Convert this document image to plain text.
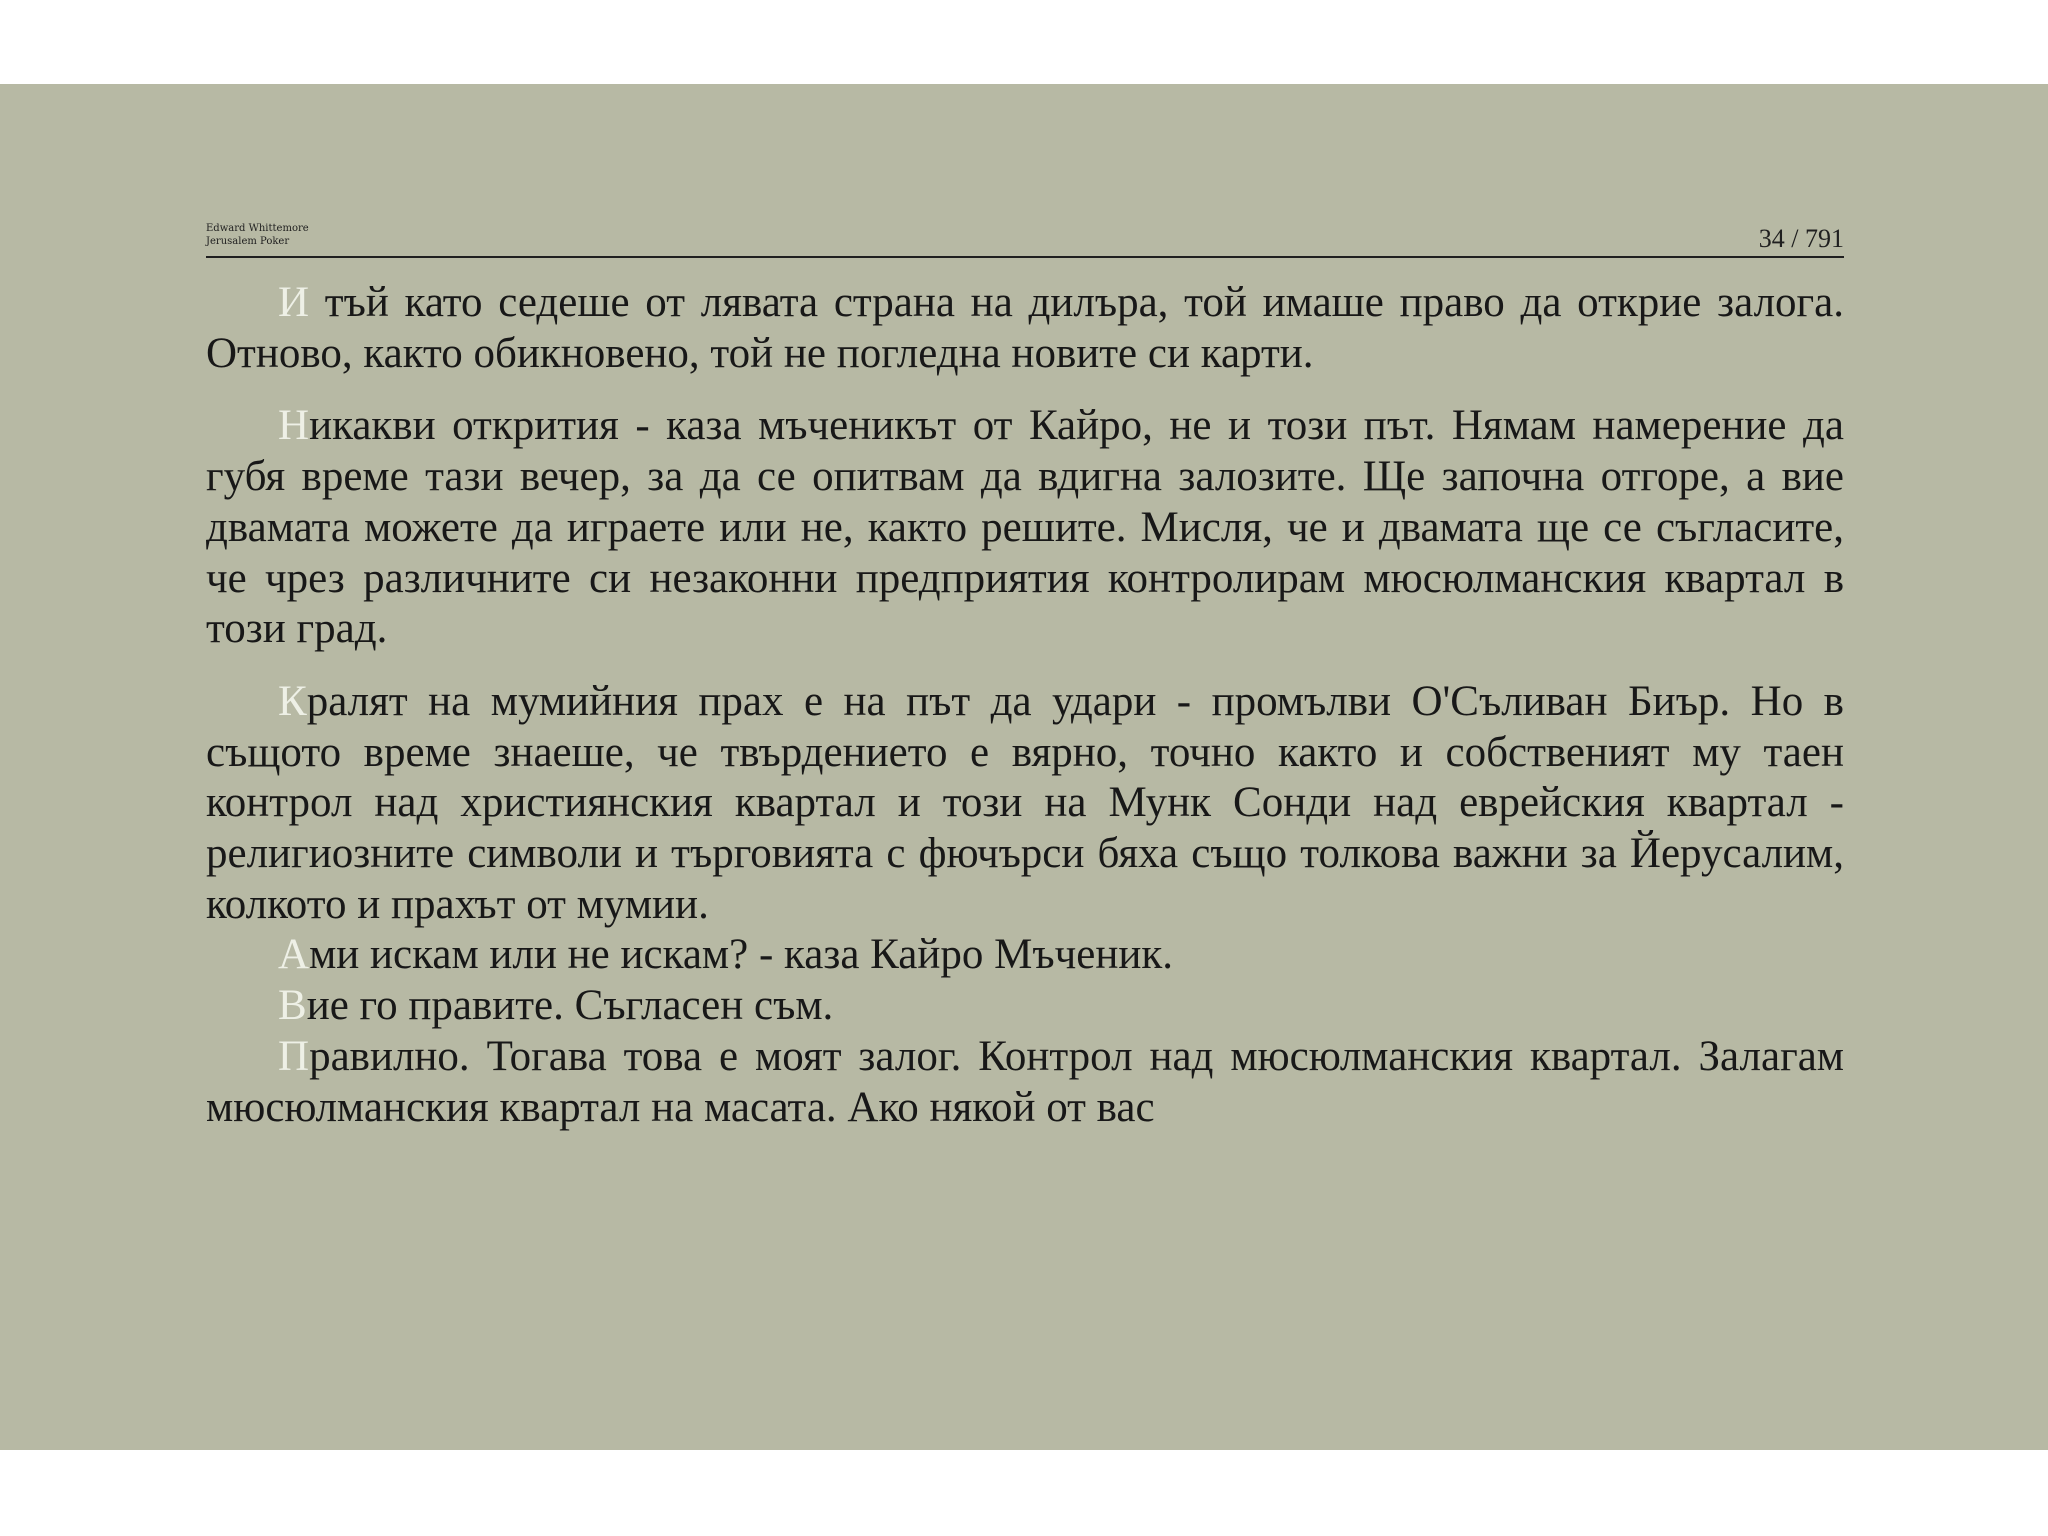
Edward Whittemore
Jerusalem Poker	34 / 791

И тъй като седеше от лявата страна на дилъра, той имаше право да открие залога. Отново, както обикновено, той не погледна новите си карти.

Никакви открития - каза мъченикът от Кайро, не и този път. Нямам намерение да губя време тази вечер, за да се опитвам да вдигна залозите. Ще започна отгоре, а вие двамата можете да играете или не, както решите. Мисля, че и двамата ще се съгласите, че чрез различните си незаконни предприятия контролирам мюсюлманския квартал в този град.

Кралят на мумийния прах е на път да удари - промълви О'Съливан Биър. Но в същото време знаеше, че твърдението е вярно, точно както и собственият му таен контрол над християнския квартал и този на Мунк Сонди над еврейския квартал - религиозните символи и търговията с фючърси бяха също толкова важни за Йерусалим, колкото и прахът от мумии.

Ами искам или не искам? - каза Кайро Мъченик.

Вие го правите. Съгласен съм.

Правилно. Тогава това е моят залог. Контрол над мюсюлманския квартал. Залагам мюсюлманския квартал на масата. Ако някой от вас
